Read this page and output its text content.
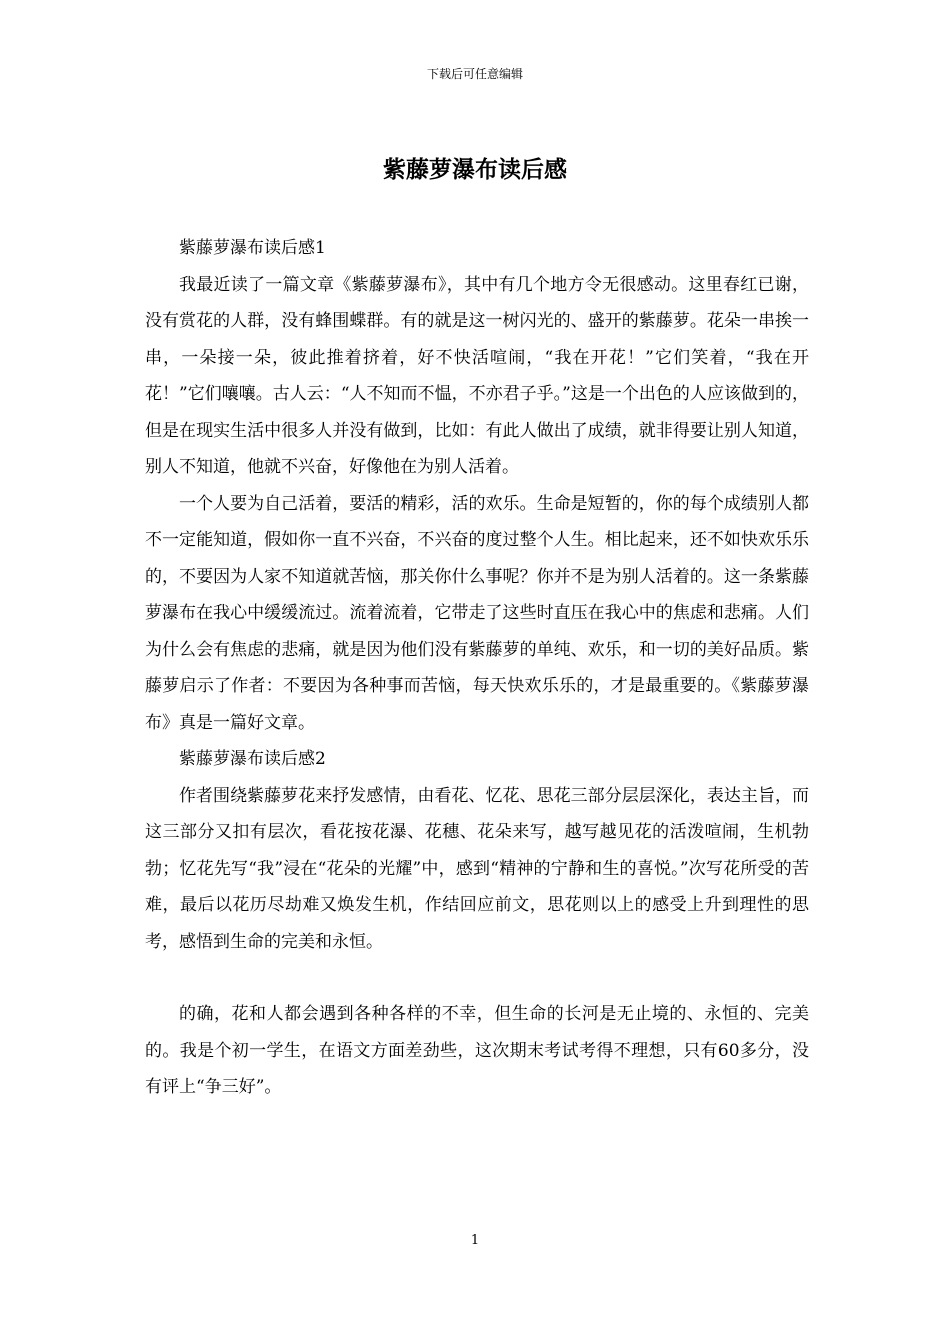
下载后可任意编辑
紫藤萝瀑布读后感

紫藤萝瀑布读后感1

我最近读了一篇文章《紫藤萝瀑布》，其中有几个地方令无很感动。这里春红已谢，没有赏花的人群，没有蜂围蝶群。有的就是这一树闪光的、盛开的紫藤萝。花朵一串挨一串，一朵接一朵，彼此推着挤着，好不快活喧闹，“我在开花！”它们笑着，“我在开花！”它们嚷嚷。古人云：“人不知而不愠，不亦君子乎。”这是一个出色的人应该做到的，但是在现实生活中很多人并没有做到，比如：有此人做出了成绩，就非得要让别人知道，别人不知道，他就不兴奋，好像他在为别人活着。

一个人要为自己活着，要活的精彩，活的欢乐。生命是短暂的，你的每个成绩别人都不一定能知道，假如你一直不兴奋，不兴奋的度过整个人生。相比起来，还不如快欢乐乐的，不要因为人家不知道就苦恼，那关你什么事呢？你并不是为别人活着的。这一条紫藤萝瀑布在我心中缓缓流过。流着流着，它带走了这些时直压在我心中的焦虑和悲痛。人们为什么会有焦虑的悲痛，就是因为他们没有紫藤萝的单纯、欢乐，和一切的美好品质。紫藤萝启示了作者：不要因为各种事而苦恼，每天快欢乐乐的，才是最重要的。《紫藤萝瀑布》真是一篇好文章。

紫藤萝瀑布读后感2

作者围绕紫藤萝花来抒发感情，由看花、忆花、思花三部分层层深化，表达主旨，而这三部分又扣有层次，看花按花瀑、花穗、花朵来写，越写越见花的活泼喧闹，生机勃勃；忆花先写“我”浸在“花朵的光耀”中，感到“精神的宁静和生的喜悦。”次写花所受的苦难，最后以花历尽劫难又焕发生机，作结回应前文，思花则以上的感受上升到理性的思考，感悟到生命的完美和永恒。

的确，花和人都会遇到各种各样的不幸，但生命的长河是无止境的、永恒的、完美的。我是个初一学生，在语文方面差劲些，这次期末考试考得不理想，只有60多分，没有评上“争三好”。

1
